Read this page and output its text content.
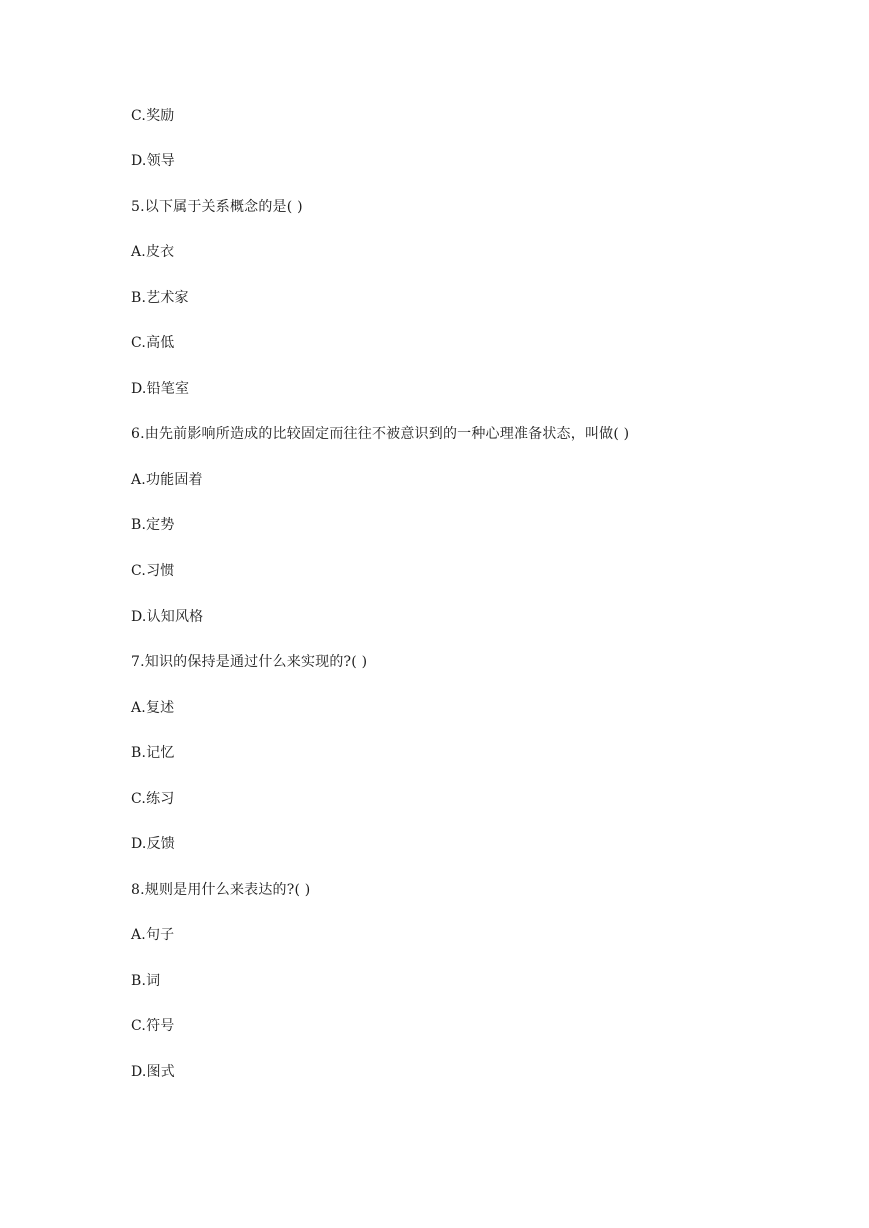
C.奖励
D.领导
5.以下属于关系概念的是( )
A.皮衣
B.艺术家
C.高低
D.铅笔室
6.由先前影响所造成的比较固定而往往不被意识到的一种心理准备状态，叫做( )
A.功能固着
B.定势
C.习惯
D.认知风格
7.知识的保持是通过什么来实现的?( )
A.复述
B.记忆
C.练习
D.反馈
8.规则是用什么来表达的?( )
A.句子
B.词
C.符号
D.图式
